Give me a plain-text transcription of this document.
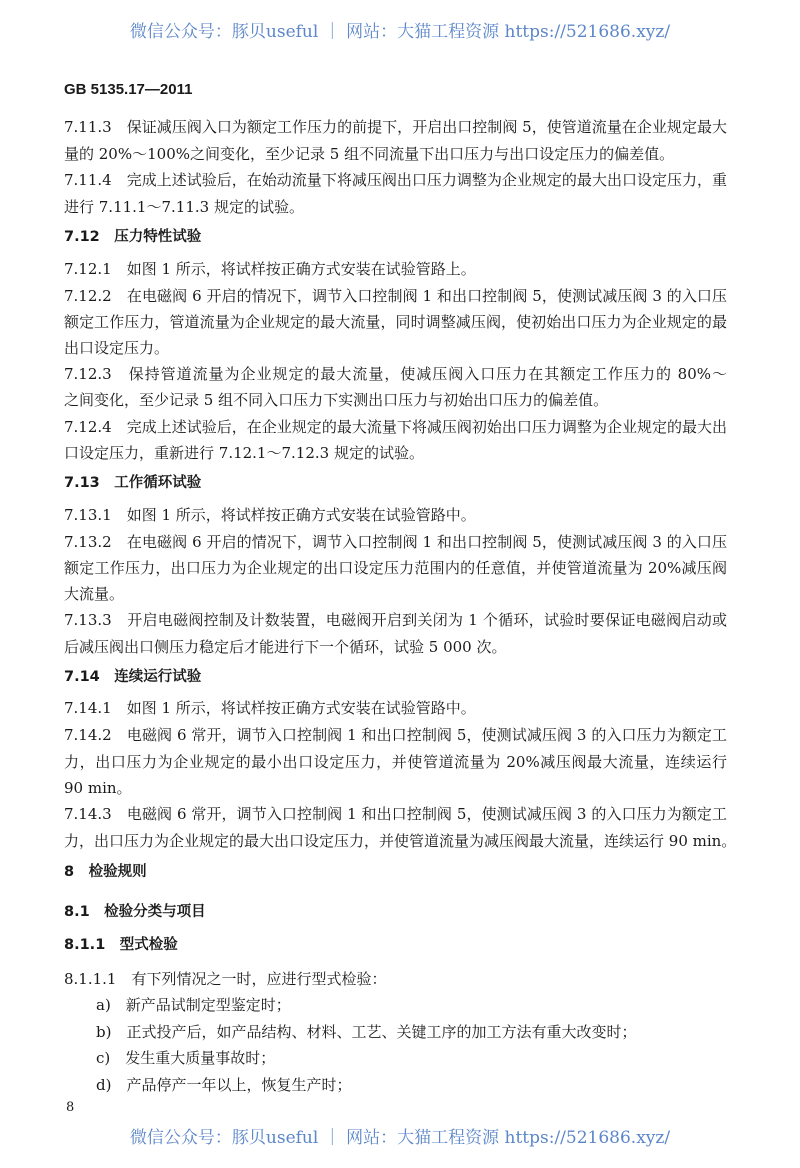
微信公众号：豚贝useful ｜ 网站：大猫工程资源 https://521686.xyz/
GB 5135.17—2011
7.11.3　保证减压阀入口为额定工作压力的前提下，开启出口控制阀 5，使管道流量在企业规定最大
量的 20%～100%之间变化，至少记录 5 组不同流量下出口压力与出口设定压力的偏差值。
7.11.4　完成上述试验后，在始动流量下将减压阀出口压力调整为企业规定的最大出口设定压力，重
进行 7.11.1～7.11.3 规定的试验。
7.12　压力特性试验
7.12.1　如图 1 所示，将试样按正确方式安装在试验管路上。
7.12.2　在电磁阀 6 开启的情况下，调节入口控制阀 1 和出口控制阀 5，使测试减压阀 3 的入口压
额定工作压力，管道流量为企业规定的最大流量，同时调整减压阀，使初始出口压力为企业规定的最
出口设定压力。
7.12.3　保持管道流量为企业规定的最大流量，使减压阀入口压力在其额定工作压力的 80%～
之间变化，至少记录 5 组不同入口压力下实测出口压力与初始出口压力的偏差值。
7.12.4　完成上述试验后，在企业规定的最大流量下将减压阀初始出口压力调整为企业规定的最大出
口设定压力，重新进行 7.12.1～7.12.3 规定的试验。
7.13　工作循环试验
7.13.1　如图 1 所示，将试样按正确方式安装在试验管路中。
7.13.2　在电磁阀 6 开启的情况下，调节入口控制阀 1 和出口控制阀 5，使测试减压阀 3 的入口压
额定工作压力，出口压力为企业规定的出口设定压力范围内的任意值，并使管道流量为 20%减压阀
大流量。
7.13.3　开启电磁阀控制及计数装置，电磁阀开启到关闭为 1 个循环，试验时要保证电磁阀启动或
后减压阀出口侧压力稳定后才能进行下一个循环，试验 5 000 次。
7.14　连续运行试验
7.14.1　如图 1 所示，将试样按正确方式安装在试验管路中。
7.14.2　电磁阀 6 常开，调节入口控制阀 1 和出口控制阀 5，使测试减压阀 3 的入口压力为额定工
力，出口压力为企业规定的最小出口设定压力，并使管道流量为 20%减压阀最大流量，连续运行
90 min。
7.14.3　电磁阀 6 常开，调节入口控制阀 1 和出口控制阀 5，使测试减压阀 3 的入口压力为额定工
力，出口压力为企业规定的最大出口设定压力，并使管道流量为减压阀最大流量，连续运行 90 min。
8　检验规则
8.1　检验分类与项目
8.1.1　型式检验
8.1.1.1　有下列情况之一时，应进行型式检验：
a)　新产品试制定型鉴定时；
b)　正式投产后，如产品结构、材料、工艺、关键工序的加工方法有重大改变时；
c)　发生重大质量事故时；
d)　产品停产一年以上，恢复生产时；
8
微信公众号：豚贝useful ｜ 网站：大猫工程资源 https://521686.xyz/
